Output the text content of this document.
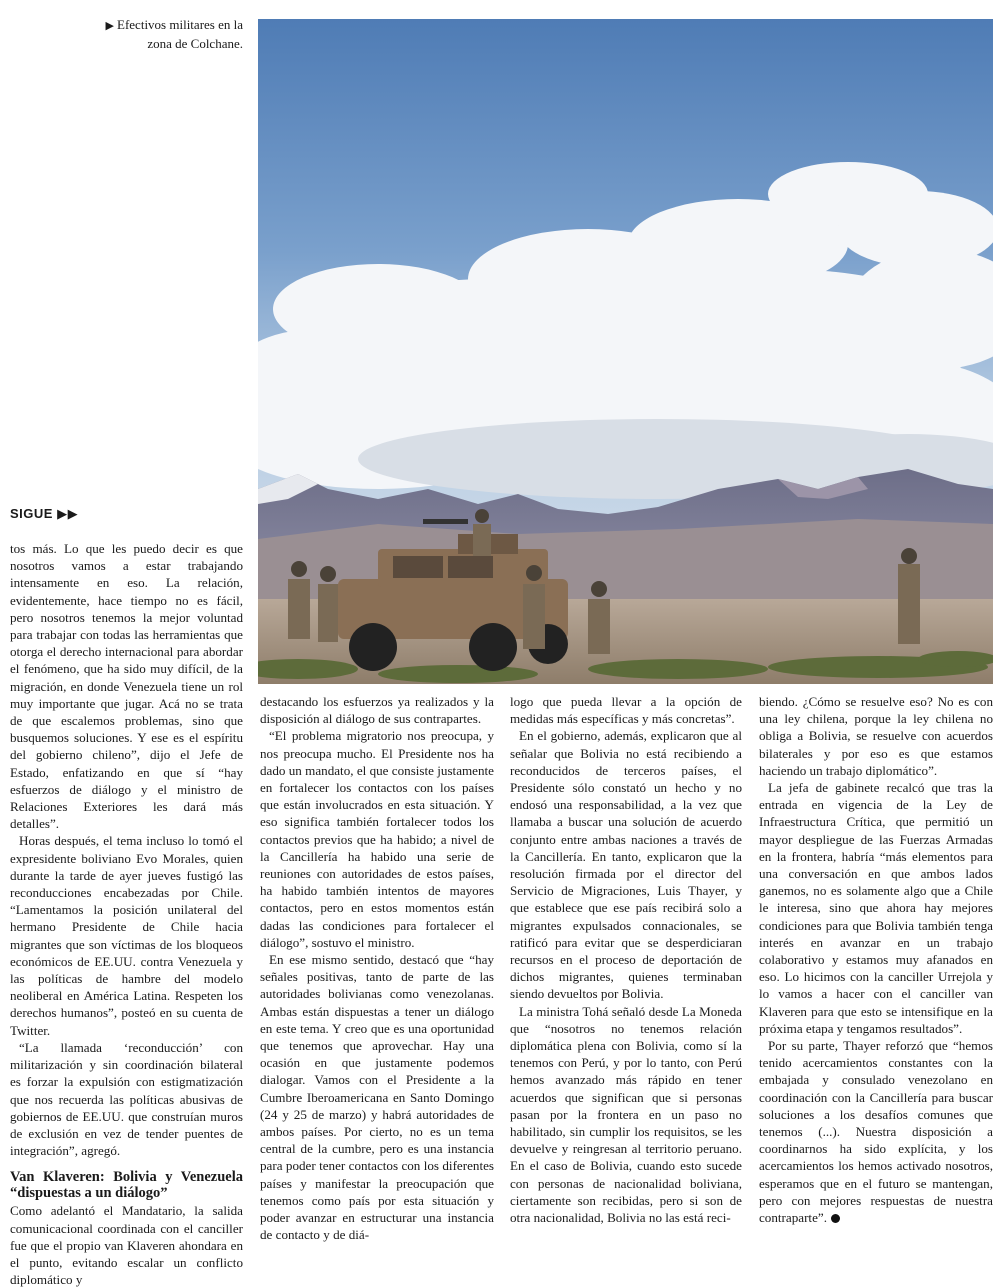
▶ Efectivos militares en la zona de Colchane.
SIGUE ▶▶

tos más. Lo que les puedo decir es que nosotros vamos a estar trabajando intensamente en eso. La relación, evidentemente, hace tiempo no es fácil, pero nosotros tenemos la mejor voluntad para trabajar con todas las herramientas que otorga el derecho internacional para abordar el fenómeno, que ha sido muy difícil, de la migración, en donde Venezuela tiene un rol muy importante que jugar. Acá no se trata de que escalemos problemas, sino que busquemos soluciones. Y ese es el espíritu del gobierno chileno”, dijo el Jefe de Estado, enfatizando en que sí “hay esfuerzos de diálogo y el ministro de Relaciones Exteriores les dará más detalles”.

Horas después, el tema incluso lo tomó el expresidente boliviano Evo Morales, quien durante la tarde de ayer jueves fustigó las reconducciones encabezadas por Chile. “Lamentamos la posición unilateral del hermano Presidente de Chile hacia migrantes que son víctimas de los bloqueos económicos de EE.UU. contra Venezuela y las políticas de hambre del modelo neoliberal en América Latina. Respeten los derechos humanos”, posteó en su cuenta de Twitter.

“La llamada ‘reconducción’ con militarización y sin coordinación bilateral es forzar la expulsión con estigmatización que nos recuerda las políticas abusivas de gobiernos de EE.UU. que construían muros de exclusión en vez de tender puentes de integración”, agregó.

Van Klaveren: Bolivia y Venezuela “dispuestas a un diálogo”

Como adelantó el Mandatario, la salida comunicacional coordinada con el canciller fue que el propio van Klaveren ahondara en el punto, evitando escalar un conflicto diplomático y

destacando los esfuerzos ya realizados y la disposición al diálogo de sus contrapartes.

“El problema migratorio nos preocupa, y nos preocupa mucho. El Presidente nos ha dado un mandato, el que consiste justamente en fortalecer los contactos con los países que están involucrados en esta situación. Y eso significa también fortalecer todos los contactos previos que ha habido; a nivel de la Cancillería ha habido una serie de reuniones con autoridades de estos países, ha habido también intentos de mayores contactos, pero en estos momentos están dadas las condiciones para fortalecer el diálogo”, sostuvo el ministro.

En ese mismo sentido, destacó que “hay señales positivas, tanto de parte de las autoridades bolivianas como venezolanas. Ambas están dispuestas a tener un diálogo en este tema. Y creo que es una oportunidad que tenemos que aprovechar. Hay una ocasión en que justamente podemos dialogar. Vamos con el Presidente a la Cumbre Iberoamericana en Santo Domingo (24 y 25 de marzo) y habrá autoridades de ambos países. Por cierto, no es un tema central de la cumbre, pero es una instancia para poder tener contactos con los diferentes países y manifestar la preocupación que tenemos como país por esta situación y poder avanzar en estructurar una instancia de contacto y de diá-

logo que pueda llevar a la opción de medidas más específicas y más concretas”.

En el gobierno, además, explicaron que al señalar que Bolivia no está recibiendo a reconducidos de terceros países, el Presidente sólo constató un hecho y no endosó una responsabilidad, a la vez que llamaba a buscar una solución de acuerdo conjunto entre ambas naciones a través de la Cancillería. En tanto, explicaron que la resolución firmada por el director del Servicio de Migraciones, Luis Thayer, y que establece que ese país recibirá solo a migrantes expulsados connacionales, se ratificó para evitar que se desperdiciaran recursos en el proceso de deportación de dichos migrantes, quienes terminaban siendo devueltos por Bolivia.

La ministra Tohá señaló desde La Moneda que “nosotros no tenemos relación diplomática plena con Bolivia, como sí la tenemos con Perú, y por lo tanto, con Perú hemos avanzado más rápido en tener acuerdos que significan que si personas pasan por la frontera en un paso no habilitado, sin cumplir los requisitos, se les devuelve y reingresan al territorio peruano. En el caso de Bolivia, cuando esto sucede con personas de nacionalidad boliviana, ciertamente son recibidas, pero si son de otra nacionalidad, Bolivia no las está reci-

biendo. ¿Cómo se resuelve eso? No es con una ley chilena, porque la ley chilena no obliga a Bolivia, se resuelve con acuerdos bilaterales y por eso es que estamos haciendo un trabajo diplomático”.

La jefa de gabinete recalcó que tras la entrada en vigencia de la Ley de Infraestructura Crítica, que permitió un mayor despliegue de las Fuerzas Armadas en la frontera, habría “más elementos para una conversación en que ambos lados ganemos, no es solamente algo que a Chile le interesa, sino que ahora hay mejores condiciones para que Bolivia también tenga interés en avanzar en un trabajo colaborativo y estamos muy afanados en eso. Lo hicimos con la canciller Urrejola y lo vamos a hacer con el canciller van Klaveren para que esto se intensifique en la próxima etapa y tengamos resultados”.

Por su parte, Thayer reforzó que “hemos tenido acercamientos constantes con la embajada y consulado venezolano en coordinación con la Cancillería para buscar soluciones a los desafíos comunes que tenemos (...). Nuestra disposición a coordinarnos ha sido explícita, y los acercamientos los hemos activado nosotros, esperamos que en el futuro se mantengan, pero con mejores respuestas de nuestra contraparte”.
